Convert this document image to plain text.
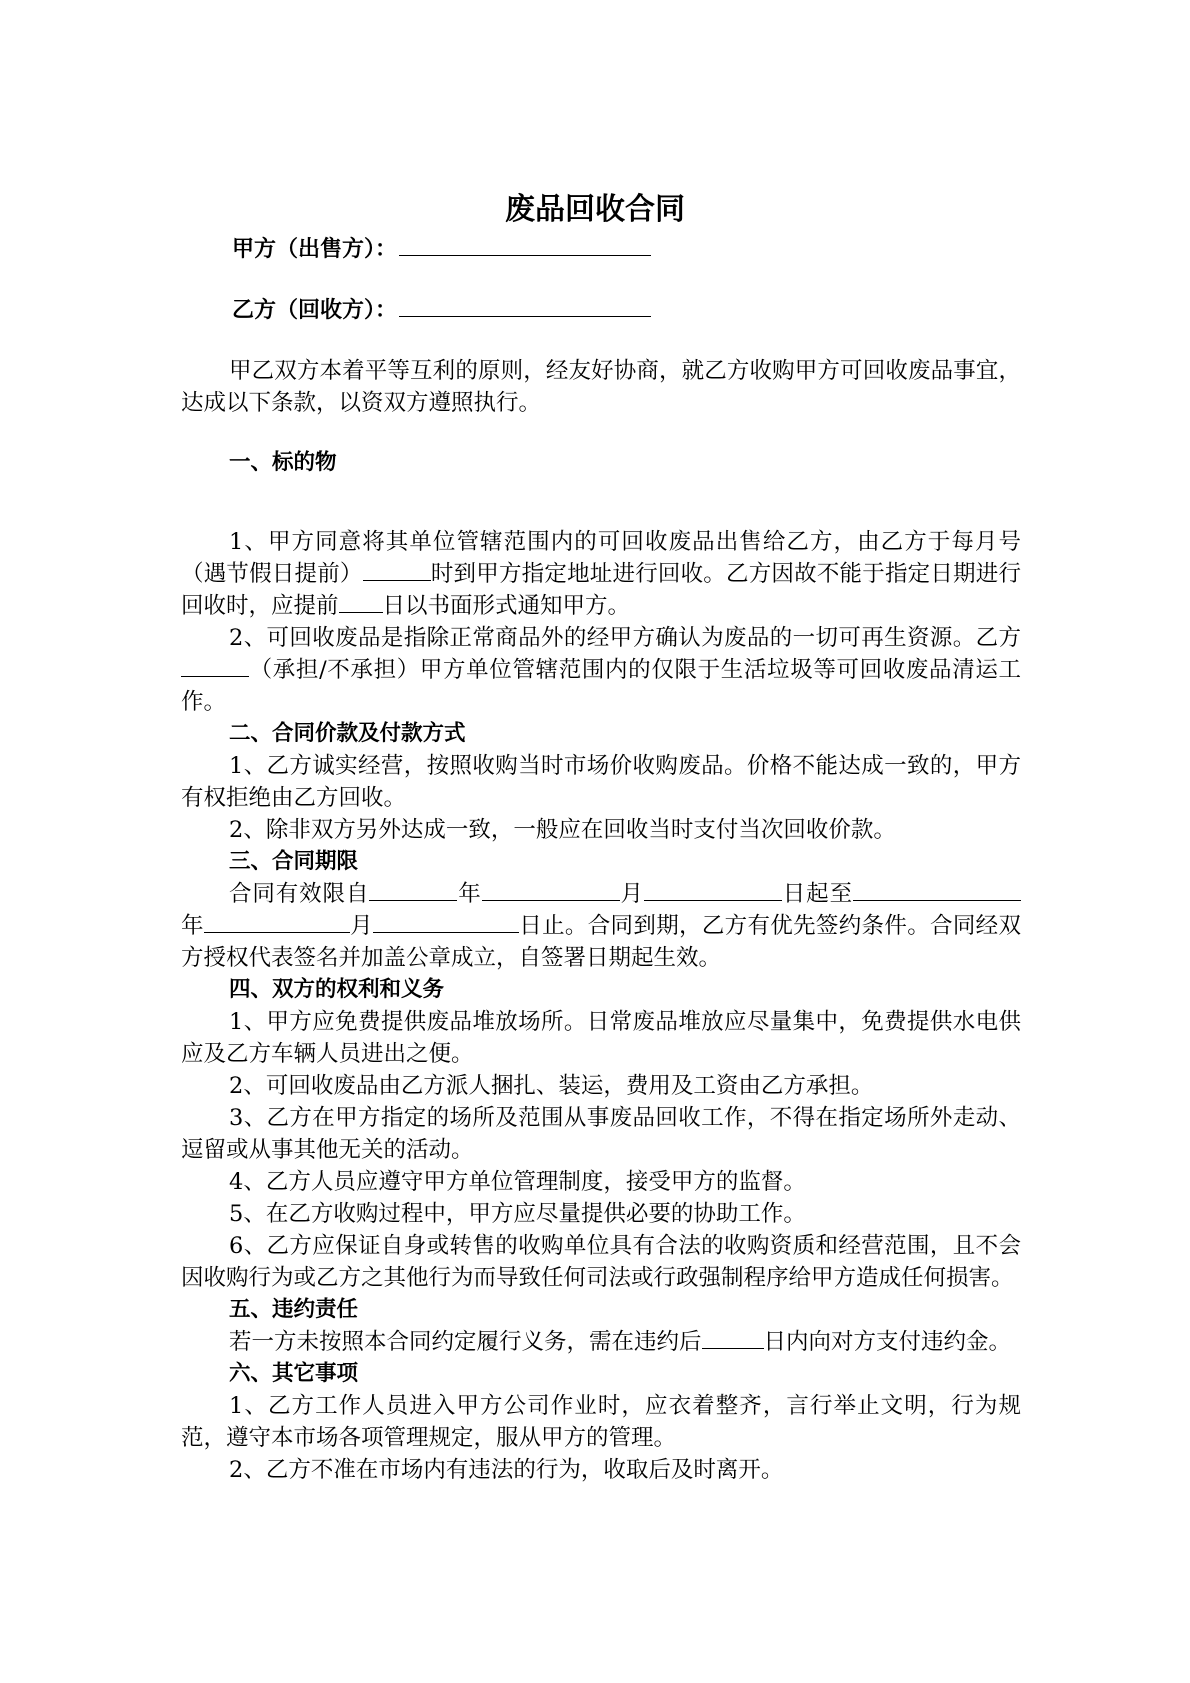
废品回收合同
甲方（出售方）：
乙方（回收方）：

甲乙双方本着平等互利的原则，经友好协商，就乙方收购甲方可回收废品事宜，达成以下条款，以资双方遵照执行。

一、标的物

1、甲方同意将其单位管辖范围内的可回收废品出售给乙方，由乙方于每月号（遇节假日提前）	时到甲方指定地址进行回收。乙方因故不能于指定日期进行回收时，应提前 日以书面形式通知甲方。

2、可回收废品是指除正常商品外的经甲方确认为废品的一切可再生资源。乙方（承担/不承担）甲方单位管辖范围内的仅限于生活垃圾等可回收废品清运工作。

二、合同价款及付款方式

1、乙方诚实经营，按照收购当时市场价收购废品。价格不能达成一致的，甲方有权拒绝由乙方回收。

2、除非双方另外达成一致，一般应在回收当时支付当次回收价款。

三、合同期限

合同有效限自	年	月	日起至年	月	日止。合同到期，乙方有优先签约条件。合同经双方授权代表签名并加盖公章成立，自签署日期起生效。

四、双方的权利和义务

1、甲方应免费提供废品堆放场所。日常废品堆放应尽量集中，免费提供水电供应及乙方车辆人员进出之便。

2、可回收废品由乙方派人捆扎、装运，费用及工资由乙方承担。

3、乙方在甲方指定的场所及范围从事废品回收工作，不得在指定场所外走动、逗留或从事其他无关的活动。

4、乙方人员应遵守甲方单位管理制度，接受甲方的监督。

5、在乙方收购过程中，甲方应尽量提供必要的协助工作。

6、乙方应保证自身或转售的收购单位具有合法的收购资质和经营范围，且不会因收购行为或乙方之其他行为而导致任何司法或行政强制程序给甲方造成任何损害。

五、违约责任

若一方未按照本合同约定履行义务，需在违约后	日内向对方支付违约金。

六、其它事项

1、乙方工作人员进入甲方公司作业时，应衣着整齐，言行举止文明，行为规范，遵守本市场各项管理规定，服从甲方的管理。

2、乙方不准在市场内有违法的行为，收取后及时离开。
